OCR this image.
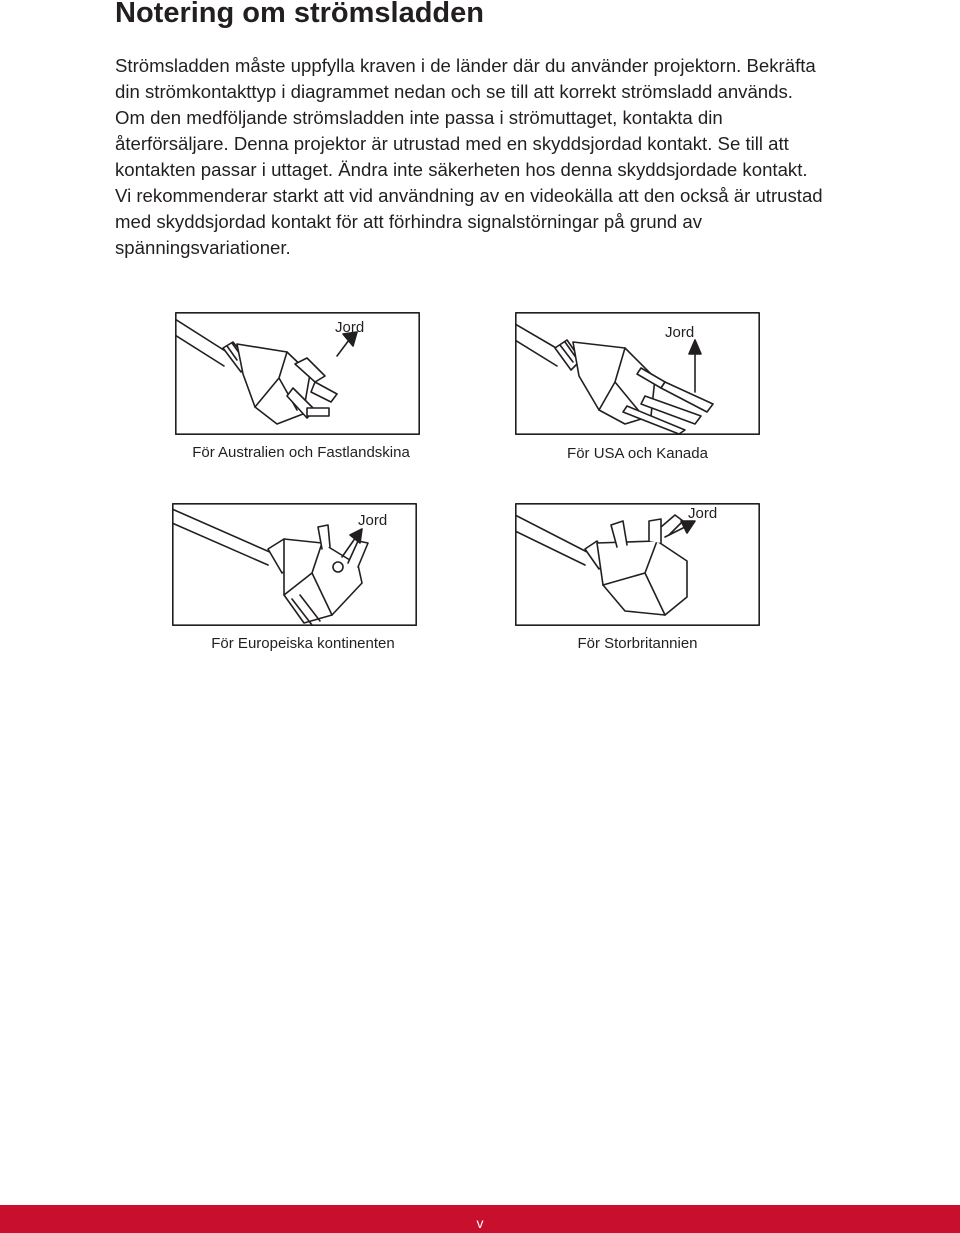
Notering om strömsladden
Strömsladden måste uppfylla kraven i de länder där du använder projektorn. Bekräfta
din strömkontakttyp i diagrammet nedan och se till att korrekt strömsladd används.
Om den medföljande strömsladden inte passa i strömuttaget, kontakta din
återförsäljare. Denna projektor är utrustad med en skyddsjordad kontakt. Se till att
kontakten passar i uttaget. Ändra inte säkerheten hos denna skyddsjordade kontakt.
Vi rekommenderar starkt att vid användning av en videokälla att den också är utrustad
med skyddsjordad kontakt för att förhindra signalstörningar på grund av
spänningsvariationer.
Jord
För Australien och Fastlandskina
Jord
För USA och Kanada
Jord
För Europeiska kontinenten
Jord
För Storbritannien
v
